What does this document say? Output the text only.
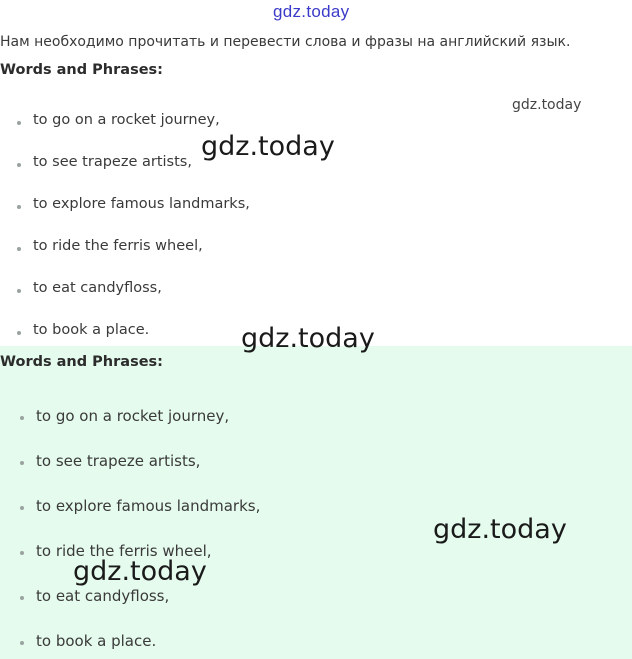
gdz.today
Нам необходимо прочитать и перевести слова и фразы на английский язык.
Words and Phrases:
to go on a rocket journey,
to see trapeze artists,
to explore famous landmarks,
to ride the ferris wheel,
to eat candyfloss,
to book a place.
Words and Phrases:
to go on a rocket journey,
to see trapeze artists,
to explore famous landmarks,
to ride the ferris wheel,
to eat candyfloss,
to book a place.
gdz.today
gdz.today
gdz.today
gdz.today
gdz.today
